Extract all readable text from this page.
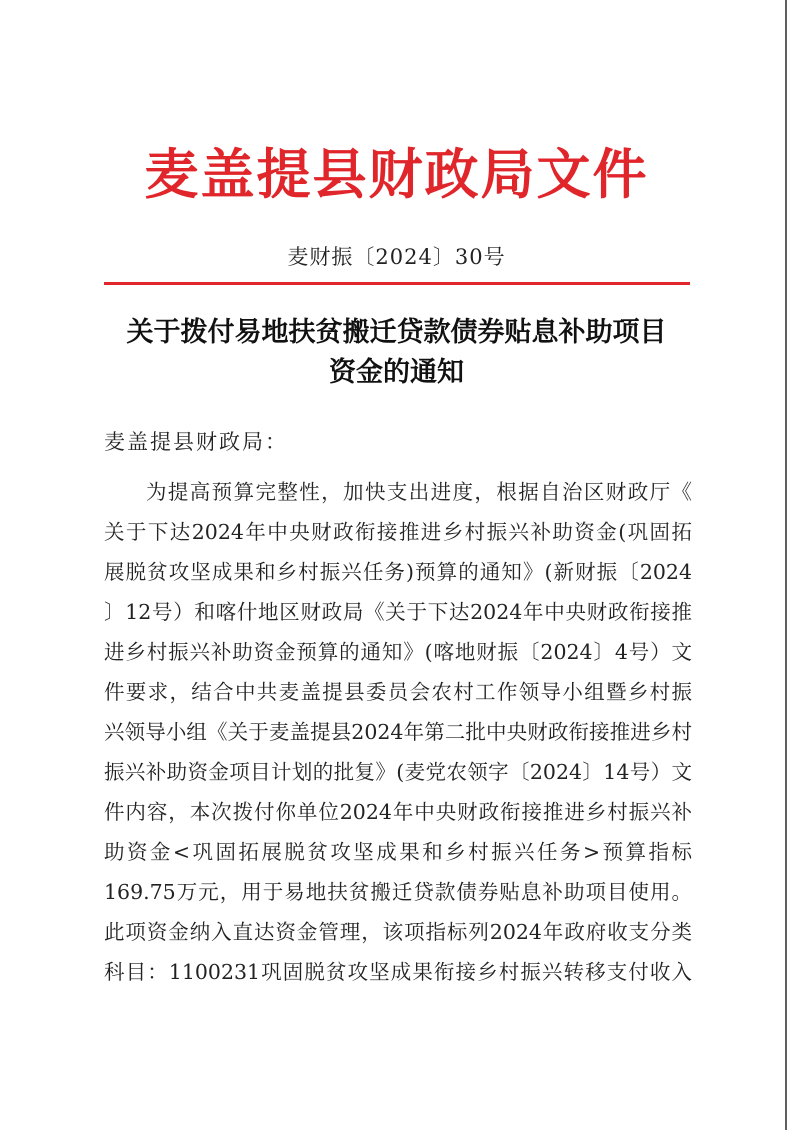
麦盖提县财政局文件
麦财振〔2024〕30号
关于拨付易地扶贫搬迁贷款债券贴息补助项目
资金的通知
麦盖提县财政局：
为提高预算完整性，加快支出进度，根据自治区财政厅《
关于下达2024年中央财政衔接推进乡村振兴补助资金(巩固拓
展脱贫攻坚成果和乡村振兴任务)预算的通知》(新财振〔2024
〕12号）和喀什地区财政局《关于下达2024年中央财政衔接推
进乡村振兴补助资金预算的通知》(喀地财振〔2024〕4号）文
件要求，结合中共麦盖提县委员会农村工作领导小组暨乡村振
兴领导小组《关于麦盖提县2024年第二批中央财政衔接推进乡村
振兴补助资金项目计划的批复》(麦党农领字〔2024〕14号）文
件内容，本次拨付你单位2024年中央财政衔接推进乡村振兴补
助资金<巩固拓展脱贫攻坚成果和乡村振兴任务>预算指标
169.75万元，用于易地扶贫搬迁贷款债券贴息补助项目使用。
此项资金纳入直达资金管理，该项指标列2024年政府收支分类
科目：1100231巩固脱贫攻坚成果衔接乡村振兴转移支付收入
